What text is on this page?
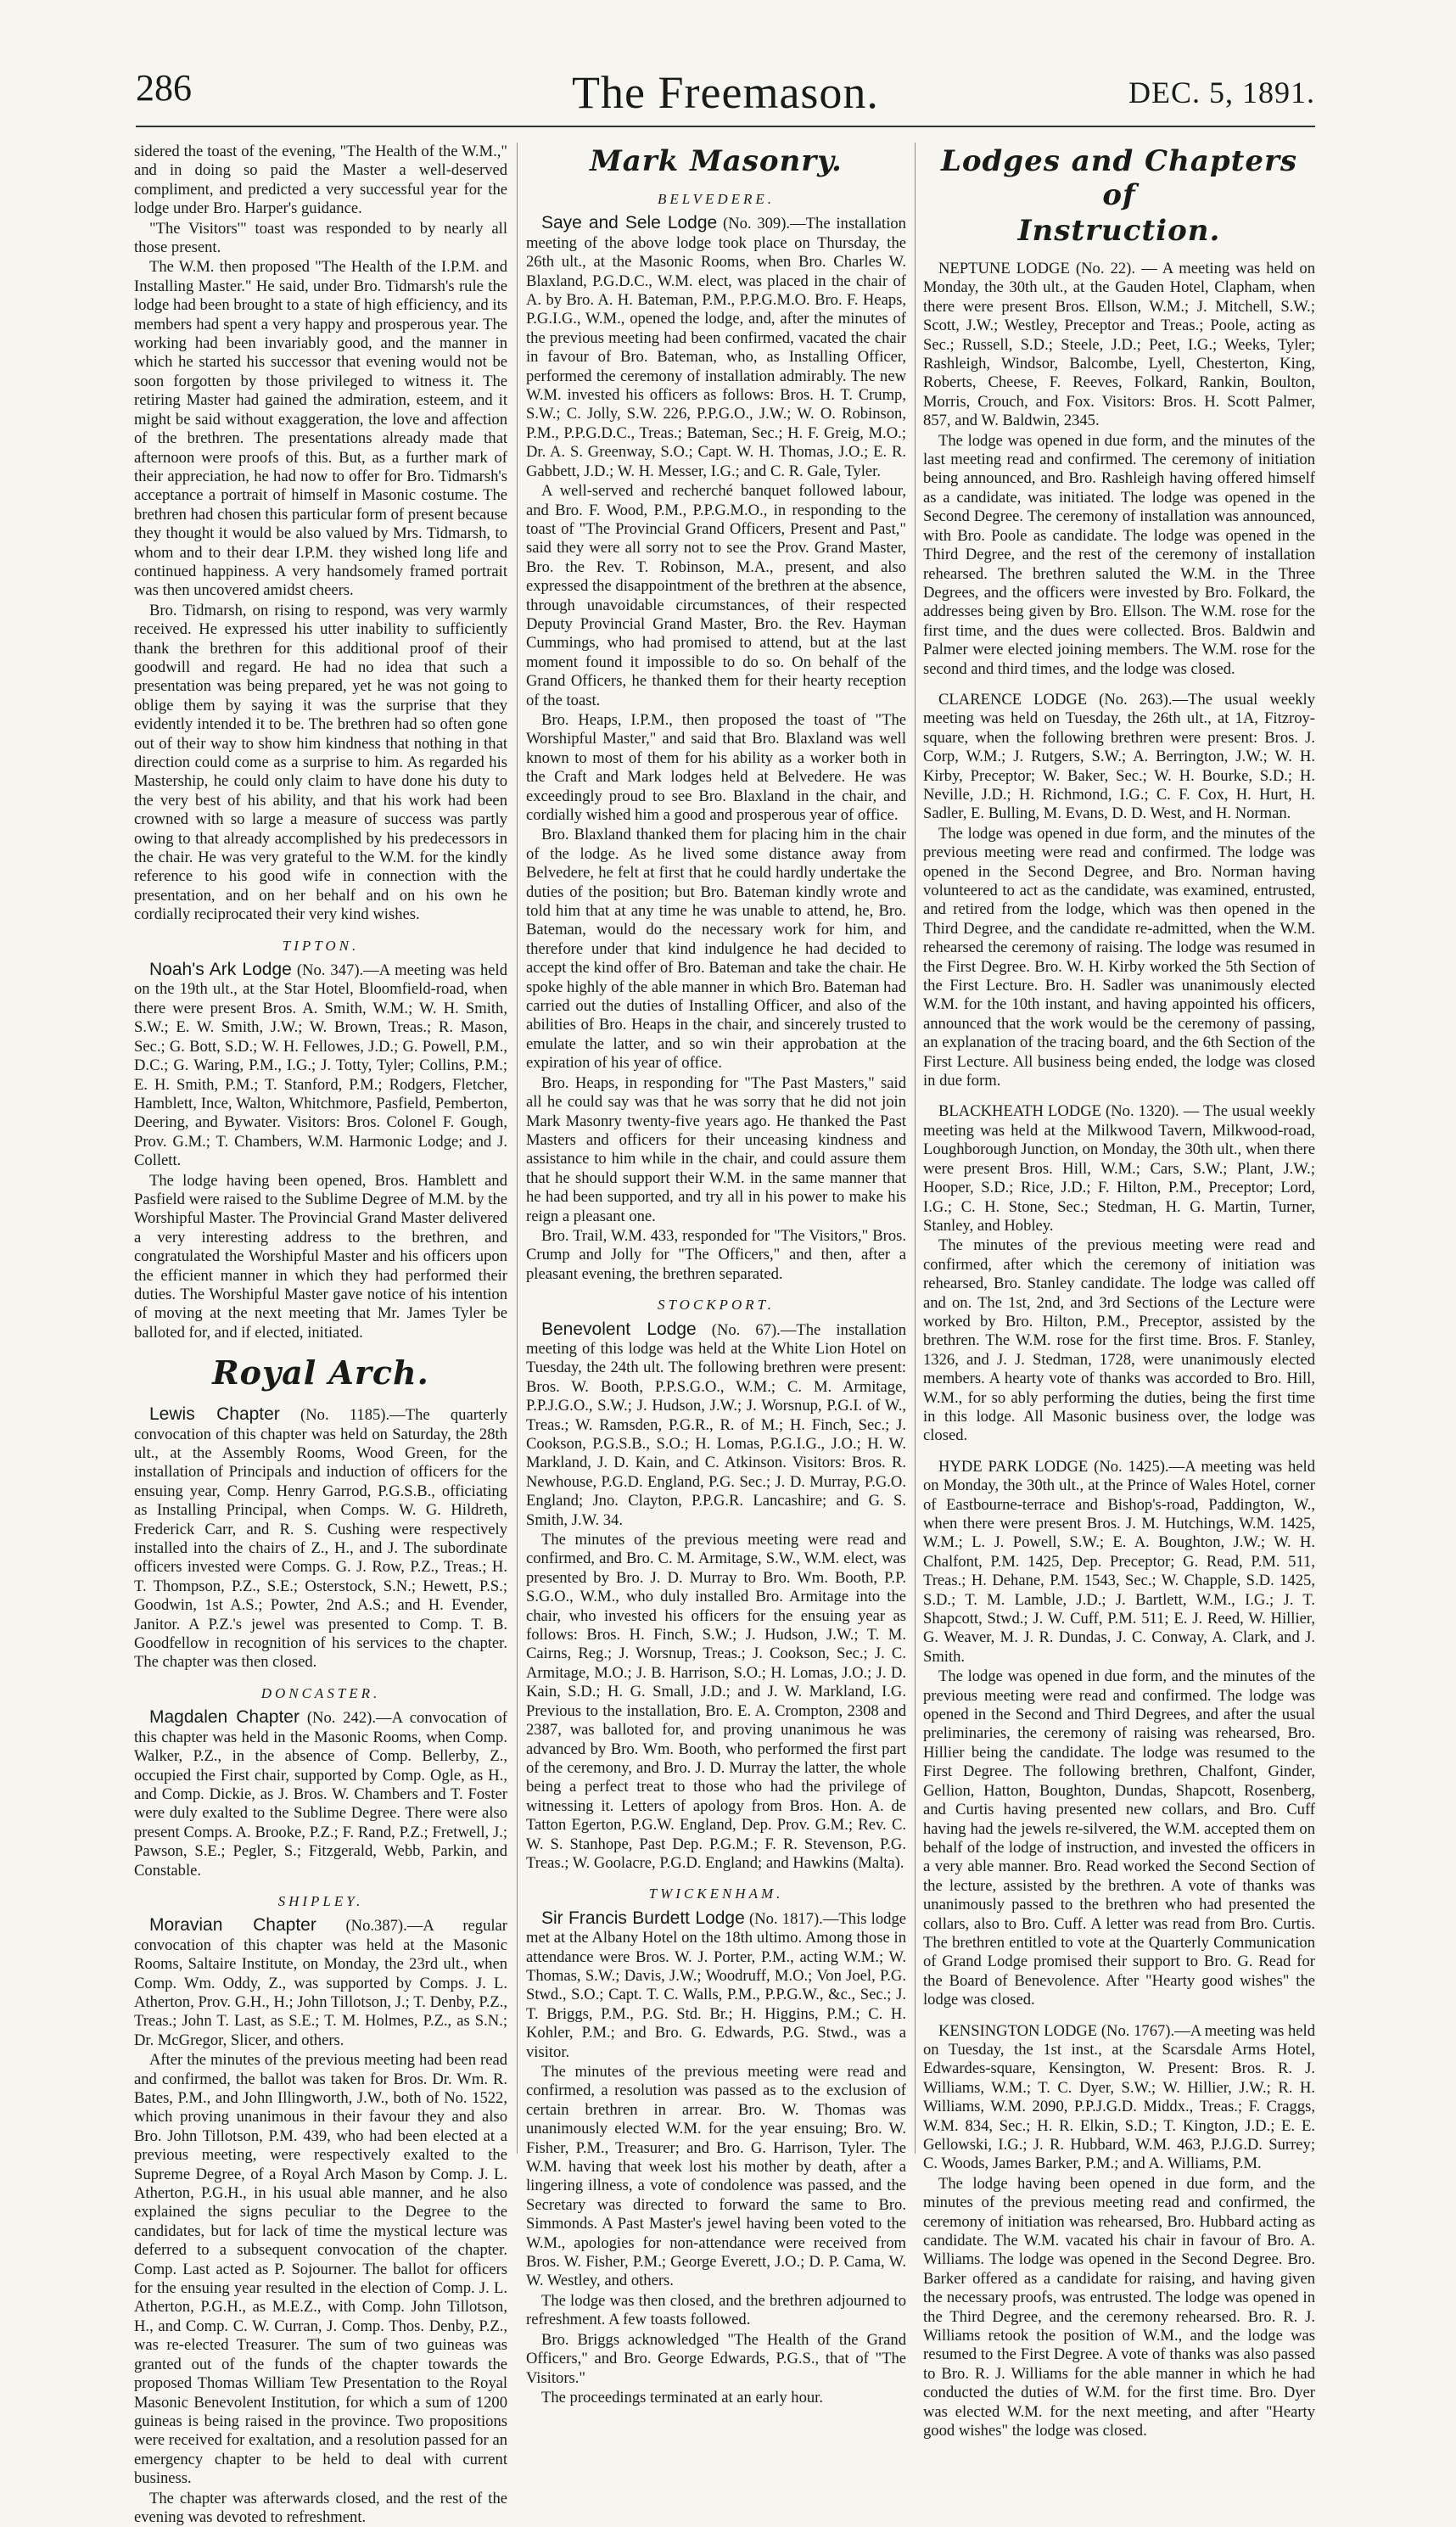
286	The Freemason.	DEC. 5, 1891.

sidered the toast of the evening, "The Health of the W.M.," and in doing so paid the Master a well-deserved compliment, and predicted a very successful year for the lodge under Bro. Harper's guidance.

"The Visitors'" toast was responded to by nearly all those present.

The W.M. then proposed "The Health of the I.P.M. and Installing Master." He said, under Bro. Tidmarsh's rule the lodge had been brought to a state of high efficiency, and its members had spent a very happy and prosperous year. The working had been invariably good, and the manner in which he started his successor that evening would not be soon forgotten by those privileged to witness it. The retiring Master had gained the admiration, esteem, and it might be said without exaggeration, the love and affection of the brethren. The presentations already made that afternoon were proofs of this. But, as a further mark of their appreciation, he had now to offer for Bro. Tidmarsh's acceptance a portrait of himself in Masonic costume. The brethren had chosen this particular form of present because they thought it would be also valued by Mrs. Tidmarsh, to whom and to their dear I.P.M. they wished long life and continued happiness. A very handsomely framed portrait was then uncovered amidst cheers.

Bro. Tidmarsh, on rising to respond, was very warmly received. He expressed his utter inability to sufficiently thank the brethren for this additional proof of their goodwill and regard. He had no idea that such a presentation was being prepared, yet he was not going to oblige them by saying it was the surprise that they evidently intended it to be. The brethren had so often gone out of their way to show him kindness that nothing in that direction could come as a surprise to him. As regarded his Mastership, he could only claim to have done his duty to the very best of his ability, and that his work had been crowned with so large a measure of success was partly owing to that already accomplished by his predecessors in the chair. He was very grateful to the W.M. for the kindly reference to his good wife in connection with the presentation, and on her behalf and on his own he cordially reciprocated their very kind wishes.

TIPTON.

Noah's Ark Lodge (No. 347).—A meeting was held on the 19th ult., at the Star Hotel, Bloomfield-road, when there were present Bros. A. Smith, W.M.; W. H. Smith, S.W.; E. W. Smith, J.W.; W. Brown, Treas.; R. Mason, Sec.; G. Bott, S.D.; W. H. Fellowes, J.D.; G. Powell, P.M., D.C.; G. Waring, P.M., I.G.; J. Totty, Tyler; Collins, P.M.; E. H. Smith, P.M.; T. Stanford, P.M.; Rodgers, Fletcher, Hamblett, Ince, Walton, Whitchmore, Pasfield, Pemberton, Deering, and Bywater. Visitors: Bros. Colonel F. Gough, Prov. G.M.; T. Chambers, W.M. Harmonic Lodge; and J. Collett.

The lodge having been opened, Bros. Hamblett and Pasfield were raised to the Sublime Degree of M.M. by the Worshipful Master. The Provincial Grand Master delivered a very interesting address to the brethren, and congratulated the Worshipful Master and his officers upon the efficient manner in which they had performed their duties. The Worshipful Master gave notice of his intention of moving at the next meeting that Mr. James Tyler be balloted for, and if elected, initiated.

Royal Arch.

Lewis Chapter (No. 1185).—The quarterly convocation of this chapter was held on Saturday, the 28th ult., at the Assembly Rooms, Wood Green, for the installation of Principals and induction of officers for the ensuing year, Comp. Henry Garrod, P.G.S.B., officiating as Installing Principal, when Comps. W. G. Hildreth, Frederick Carr, and R. S. Cushing were respectively installed into the chairs of Z., H., and J. The subordinate officers invested were Comps. G. J. Row, P.Z., Treas.; H. T. Thompson, P.Z., S.E.; Osterstock, S.N.; Hewett, P.S.; Goodwin, 1st A.S.; Powter, 2nd A.S.; and H. Evender, Janitor. A P.Z.'s jewel was presented to Comp. T. B. Goodfellow in recognition of his services to the chapter. The chapter was then closed.

DONCASTER.

Magdalen Chapter (No. 242).—A convocation of this chapter was held in the Masonic Rooms, when Comp. Walker, P.Z., in the absence of Comp. Bellerby, Z., occupied the First chair, supported by Comp. Ogle, as H., and Comp. Dickie, as J. Bros. W. Chambers and T. Foster were duly exalted to the Sublime Degree. There were also present Comps. A. Brooke, P.Z.; F. Rand, P.Z.; Fretwell, J.; Pawson, S.E.; Pegler, S.; Fitzgerald, Webb, Parkin, and Constable.

SHIPLEY.

Moravian Chapter (No.387).—A regular convocation of this chapter was held at the Masonic Rooms, Saltaire Institute, on Monday, the 23rd ult., when Comp. Wm. Oddy, Z., was supported by Comps. J. L. Atherton, Prov. G.H., H.; John Tillotson, J.; T. Denby, P.Z., Treas.; John T. Last, as S.E.; T. M. Holmes, P.Z., as S.N.; Dr. McGregor, Slicer, and others.

After the minutes of the previous meeting had been read and confirmed, the ballot was taken for Bros. Dr. Wm. R. Bates, P.M., and John Illingworth, J.W., both of No. 1522, which proving unanimous in their favour they and also Bro. John Tillotson, P.M. 439, who had been elected at a previous meeting, were respectively exalted to the Supreme Degree, of a Royal Arch Mason by Comp. J. L. Atherton, P.G.H., in his usual able manner, and he also explained the signs peculiar to the Degree to the candidates, but for lack of time the mystical lecture was deferred to a subsequent convocation of the chapter. Comp. Last acted as P. Sojourner. The ballot for officers for the ensuing year resulted in the election of Comp. J. L. Atherton, P.G.H., as M.E.Z., with Comp. John Tillotson, H., and Comp. C. W. Curran, J. Comp. Thos. Denby, P.Z., was re-elected Treasurer. The sum of two guineas was granted out of the funds of the chapter towards the proposed Thomas William Tew Presentation to the Royal Masonic Benevolent Institution, for which a sum of 1200 guineas is being raised in the province. Two propositions were received for exaltation, and a resolution passed for an emergency chapter to be held to deal with current business.

The chapter was afterwards closed, and the rest of the evening was devoted to refreshment.

Mark Masonry.
BELVEDERE.

Saye and Sele Lodge (No. 309).—The installation meeting of the above lodge took place on Thursday, the 26th ult., at the Masonic Rooms, when Bro. Charles W. Blaxland, P.G.D.C., W.M. elect, was placed in the chair of A. by Bro. A. H. Bateman, P.M., P.P.G.M.O. Bro. F. Heaps, P.G.I.G., W.M., opened the lodge, and, after the minutes of the previous meeting had been confirmed, vacated the chair in favour of Bro. Bateman, who, as Installing Officer, performed the ceremony of installation admirably. The new W.M. invested his officers as follows: Bros. H. T. Crump, S.W.; C. Jolly, S.W. 226, P.P.G.O., J.W.; W. O. Robinson, P.M., P.P.G.D.C., Treas.; Bateman, Sec.; H. F. Greig, M.O.; Dr. A. S. Greenway, S.O.; Capt. W. H. Thomas, J.O.; E. R. Gabbett, J.D.; W. H. Messer, I.G.; and C. R. Gale, Tyler.

A well-served and recherché banquet followed labour, and Bro. F. Wood, P.M., P.P.G.M.O., in responding to the toast of "The Provincial Grand Officers, Present and Past," said they were all sorry not to see the Prov. Grand Master, Bro. the Rev. T. Robinson, M.A., present, and also expressed the disappointment of the brethren at the absence, through unavoidable circumstances, of their respected Deputy Provincial Grand Master, Bro. the Rev. Hayman Cummings, who had promised to attend, but at the last moment found it impossible to do so. On behalf of the Grand Officers, he thanked them for their hearty reception of the toast.

Bro. Heaps, I.P.M., then proposed the toast of "The Worshipful Master," and said that Bro. Blaxland was well known to most of them for his ability as a worker both in the Craft and Mark lodges held at Belvedere. He was exceedingly proud to see Bro. Blaxland in the chair, and cordially wished him a good and prosperous year of office.

Bro. Blaxland thanked them for placing him in the chair of the lodge. As he lived some distance away from Belvedere, he felt at first that he could hardly undertake the duties of the position; but Bro. Bateman kindly wrote and told him that at any time he was unable to attend, he, Bro. Bateman, would do the necessary work for him, and therefore under that kind indulgence he had decided to accept the kind offer of Bro. Bateman and take the chair. He spoke highly of the able manner in which Bro. Bateman had carried out the duties of Installing Officer, and also of the abilities of Bro. Heaps in the chair, and sincerely trusted to emulate the latter, and so win their approbation at the expiration of his year of office.

Bro. Heaps, in responding for "The Past Masters," said all he could say was that he was sorry that he did not join Mark Masonry twenty-five years ago. He thanked the Past Masters and officers for their unceasing kindness and assistance to him while in the chair, and could assure them that he should support their W.M. in the same manner that he had been supported, and try all in his power to make his reign a pleasant one.

Bro. Trail, W.M. 433, responded for "The Visitors," Bros. Crump and Jolly for "The Officers," and then, after a pleasant evening, the brethren separated.

STOCKPORT.

Benevolent Lodge (No. 67).—The installation meeting of this lodge was held at the White Lion Hotel on Tuesday, the 24th ult. The following brethren were present: Bros. W. Booth, P.P.S.G.O., W.M.; C. M. Armitage, P.P.J.G.O., S.W.; J. Hudson, J.W.; J. Worsnup, P.G.I. of W., Treas.; W. Ramsden, P.G.R., R. of M.; H. Finch, Sec.; J. Cookson, P.G.S.B., S.O.; H. Lomas, P.G.I.G., J.O.; H. W. Markland, J. D. Kain, and C. Atkinson. Visitors: Bros. R. Newhouse, P.G.D. England, P.G. Sec.; J. D. Murray, P.G.O. England; Jno. Clayton, P.P.G.R. Lancashire; and G. S. Smith, J.W. 34.

The minutes of the previous meeting were read and confirmed, and Bro. C. M. Armitage, S.W., W.M. elect, was presented by Bro. J. D. Murray to Bro. Wm. Booth, P.P. S.G.O., W.M., who duly installed Bro. Armitage into the chair, who invested his officers for the ensuing year as follows: Bros. H. Finch, S.W.; J. Hudson, J.W.; T. M. Cairns, Reg.; J. Worsnup, Treas.; J. Cookson, Sec.; J. C. Armitage, M.O.; J. B. Harrison, S.O.; H. Lomas, J.O.; J. D. Kain, S.D.; H. G. Small, J.D.; and J. W. Markland, I.G. Previous to the installation, Bro. E. A. Crompton, 2308 and 2387, was balloted for, and proving unanimous he was advanced by Bro. Wm. Booth, who performed the first part of the ceremony, and Bro. J. D. Murray the latter, the whole being a perfect treat to those who had the privilege of witnessing it. Letters of apology from Bros. Hon. A. de Tatton Egerton, P.G.W. England, Dep. Prov. G.M.; Rev. C. W. S. Stanhope, Past Dep. P.G.M.; F. R. Stevenson, P.G. Treas.; W. Goolacre, P.G.D. England; and Hawkins (Malta).

TWICKENHAM.

Sir Francis Burdett Lodge (No. 1817).—This lodge met at the Albany Hotel on the 18th ultimo. Among those in attendance were Bros. W. J. Porter, P.M., acting W.M.; W. Thomas, S.W.; Davis, J.W.; Woodruff, M.O.; Von Joel, P.G. Stwd., S.O.; Capt. T. C. Walls, P.M., P.P.G.W., &c., Sec.; J. T. Briggs, P.M., P.G. Std. Br.; H. Higgins, P.M.; C. H. Kohler, P.M.; and Bro. G. Edwards, P.G. Stwd., was a visitor.

The minutes of the previous meeting were read and confirmed, a resolution was passed as to the exclusion of certain brethren in arrear. Bro. W. Thomas was unanimously elected W.M. for the year ensuing; Bro. W. Fisher, P.M., Treasurer; and Bro. G. Harrison, Tyler. The W.M. having that week lost his mother by death, after a lingering illness, a vote of condolence was passed, and the Secretary was directed to forward the same to Bro. Simmonds. A Past Master's jewel having been voted to the W.M., apologies for non-attendance were received from Bros. W. Fisher, P.M.; George Everett, J.O.; D. P. Cama, W. W. Westley, and others.

The lodge was then closed, and the brethren adjourned to refreshment. A few toasts followed.

Bro. Briggs acknowledged "The Health of the Grand Officers," and Bro. George Edwards, P.G.S., that of "The Visitors."

The proceedings terminated at an early hour.

Lodges and Chapters of
Instruction.

NEPTUNE LODGE (No. 22). — A meeting was held on Monday, the 30th ult., at the Gauden Hotel, Clapham, when there were present Bros. Ellson, W.M.; J. Mitchell, S.W.; Scott, J.W.; Westley, Preceptor and Treas.; Poole, acting as Sec.; Russell, S.D.; Steele, J.D.; Peet, I.G.; Weeks, Tyler; Rashleigh, Windsor, Balcombe, Lyell, Chesterton, King, Roberts, Cheese, F. Reeves, Folkard, Rankin, Boulton, Morris, Crouch, and Fox. Visitors: Bros. H. Scott Palmer, 857, and W. Baldwin, 2345.

The lodge was opened in due form, and the minutes of the last meeting read and confirmed. The ceremony of initiation being announced, and Bro. Rashleigh having offered himself as a candidate, was initiated. The lodge was opened in the Second Degree. The ceremony of installation was announced, with Bro. Poole as candidate. The lodge was opened in the Third Degree, and the rest of the ceremony of installation rehearsed. The brethren saluted the W.M. in the Three Degrees, and the officers were invested by Bro. Folkard, the addresses being given by Bro. Ellson. The W.M. rose for the first time, and the dues were collected. Bros. Baldwin and Palmer were elected joining members. The W.M. rose for the second and third times, and the lodge was closed.

CLARENCE LODGE (No. 263).—The usual weekly meeting was held on Tuesday, the 26th ult., at 1A, Fitzroy-square, when the following brethren were present: Bros. J. Corp, W.M.; J. Rutgers, S.W.; A. Berrington, J.W.; W. H. Kirby, Preceptor; W. Baker, Sec.; W. H. Bourke, S.D.; H. Neville, J.D.; H. Richmond, I.G.; C. F. Cox, H. Hurt, H. Sadler, E. Bulling, M. Evans, D. D. West, and H. Norman.

The lodge was opened in due form, and the minutes of the previous meeting were read and confirmed. The lodge was opened in the Second Degree, and Bro. Norman having volunteered to act as the candidate, was examined, entrusted, and retired from the lodge, which was then opened in the Third Degree, and the candidate re-admitted, when the W.M. rehearsed the ceremony of raising. The lodge was resumed in the First Degree. Bro. W. H. Kirby worked the 5th Section of the First Lecture. Bro. H. Sadler was unanimously elected W.M. for the 10th instant, and having appointed his officers, announced that the work would be the ceremony of passing, an explanation of the tracing board, and the 6th Section of the First Lecture. All business being ended, the lodge was closed in due form.

BLACKHEATH LODGE (No. 1320). — The usual weekly meeting was held at the Milkwood Tavern, Milkwood-road, Loughborough Junction, on Monday, the 30th ult., when there were present Bros. Hill, W.M.; Cars, S.W.; Plant, J.W.; Hooper, S.D.; Rice, J.D.; F. Hilton, P.M., Preceptor; Lord, I.G.; C. H. Stone, Sec.; Stedman, H. G. Martin, Turner, Stanley, and Hobley.

The minutes of the previous meeting were read and confirmed, after which the ceremony of initiation was rehearsed, Bro. Stanley candidate. The lodge was called off and on. The 1st, 2nd, and 3rd Sections of the Lecture were worked by Bro. Hilton, P.M., Preceptor, assisted by the brethren. The W.M. rose for the first time. Bros. F. Stanley, 1326, and J. J. Stedman, 1728, were unanimously elected members. A hearty vote of thanks was accorded to Bro. Hill, W.M., for so ably performing the duties, being the first time in this lodge. All Masonic business over, the lodge was closed.

HYDE PARK LODGE (No. 1425).—A meeting was held on Monday, the 30th ult., at the Prince of Wales Hotel, corner of Eastbourne-terrace and Bishop's-road, Paddington, W., when there were present Bros. J. M. Hutchings, W.M. 1425, W.M.; L. J. Powell, S.W.; E. A. Boughton, J.W.; W. H. Chalfont, P.M. 1425, Dep. Preceptor; G. Read, P.M. 511, Treas.; H. Dehane, P.M. 1543, Sec.; W. Chapple, S.D. 1425, S.D.; T. M. Lamble, J.D.; J. Bartlett, W.M., I.G.; J. T. Shapcott, Stwd.; J. W. Cuff, P.M. 511; E. J. Reed, W. Hillier, G. Weaver, M. J. R. Dundas, J. C. Conway, A. Clark, and J. Smith.

The lodge was opened in due form, and the minutes of the previous meeting were read and confirmed. The lodge was opened in the Second and Third Degrees, and after the usual preliminaries, the ceremony of raising was rehearsed, Bro. Hillier being the candidate. The lodge was resumed to the First Degree. The following brethren, Chalfont, Ginder, Gellion, Hatton, Boughton, Dundas, Shapcott, Rosenberg, and Curtis having presented new collars, and Bro. Cuff having had the jewels re-silvered, the W.M. accepted them on behalf of the lodge of instruction, and invested the officers in a very able manner. Bro. Read worked the Second Section of the lecture, assisted by the brethren. A vote of thanks was unanimously passed to the brethren who had presented the collars, also to Bro. Cuff. A letter was read from Bro. Curtis. The brethren entitled to vote at the Quarterly Communication of Grand Lodge promised their support to Bro. G. Read for the Board of Benevolence. After "Hearty good wishes" the lodge was closed.

KENSINGTON LODGE (No. 1767).—A meeting was held on Tuesday, the 1st inst., at the Scarsdale Arms Hotel, Edwardes-square, Kensington, W. Present: Bros. R. J. Williams, W.M.; T. C. Dyer, S.W.; W. Hillier, J.W.; R. H. Williams, W.M. 2090, P.P.J.G.D. Middx., Treas.; F. Craggs, W.M. 834, Sec.; H. R. Elkin, S.D.; T. Kington, J.D.; E. E. Gellowski, I.G.; J. R. Hubbard, W.M. 463, P.J.G.D. Surrey; C. Woods, James Barker, P.M.; and A. Williams, P.M.

The lodge having been opened in due form, and the minutes of the previous meeting read and confirmed, the ceremony of initiation was rehearsed, Bro. Hubbard acting as candidate. The W.M. vacated his chair in favour of Bro. A. Williams. The lodge was opened in the Second Degree. Bro. Barker offered as a candidate for raising, and having given the necessary proofs, was entrusted. The lodge was opened in the Third Degree, and the ceremony rehearsed. Bro. R. J. Williams retook the position of W.M., and the lodge was resumed to the First Degree. A vote of thanks was also passed to Bro. R. J. Williams for the able manner in which he had conducted the duties of W.M. for the first time. Bro. Dyer was elected W.M. for the next meeting, and after "Hearty good wishes" the lodge was closed.
